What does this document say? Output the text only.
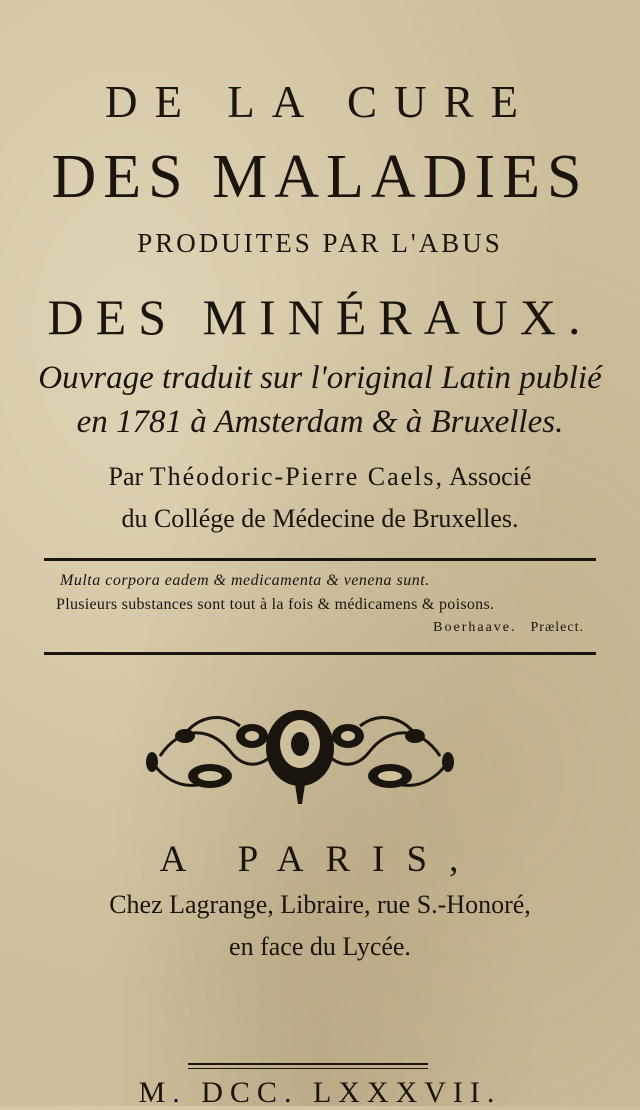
DE LA CURE
DES MALADIES
PRODUITES PAR L'ABUS
DES MINÉRAUX.
Ouvrage traduit sur l'original Latin publié
en 1781 à Amsterdam & à Bruxelles.
Par Théodoric-Pierre Caels, Associé
du Collége de Médecine de Bruxelles.
Multa corpora eadem & medicamenta & venena sunt.
Plusieurs substances sont tout à la fois & médicamens & poisons.
Boerhaave. Prælect.
A PARIS,
Chez Lagrange, Libraire, rue S.-Honoré,
en face du Lycée.
M. DCC. LXXXVII.
